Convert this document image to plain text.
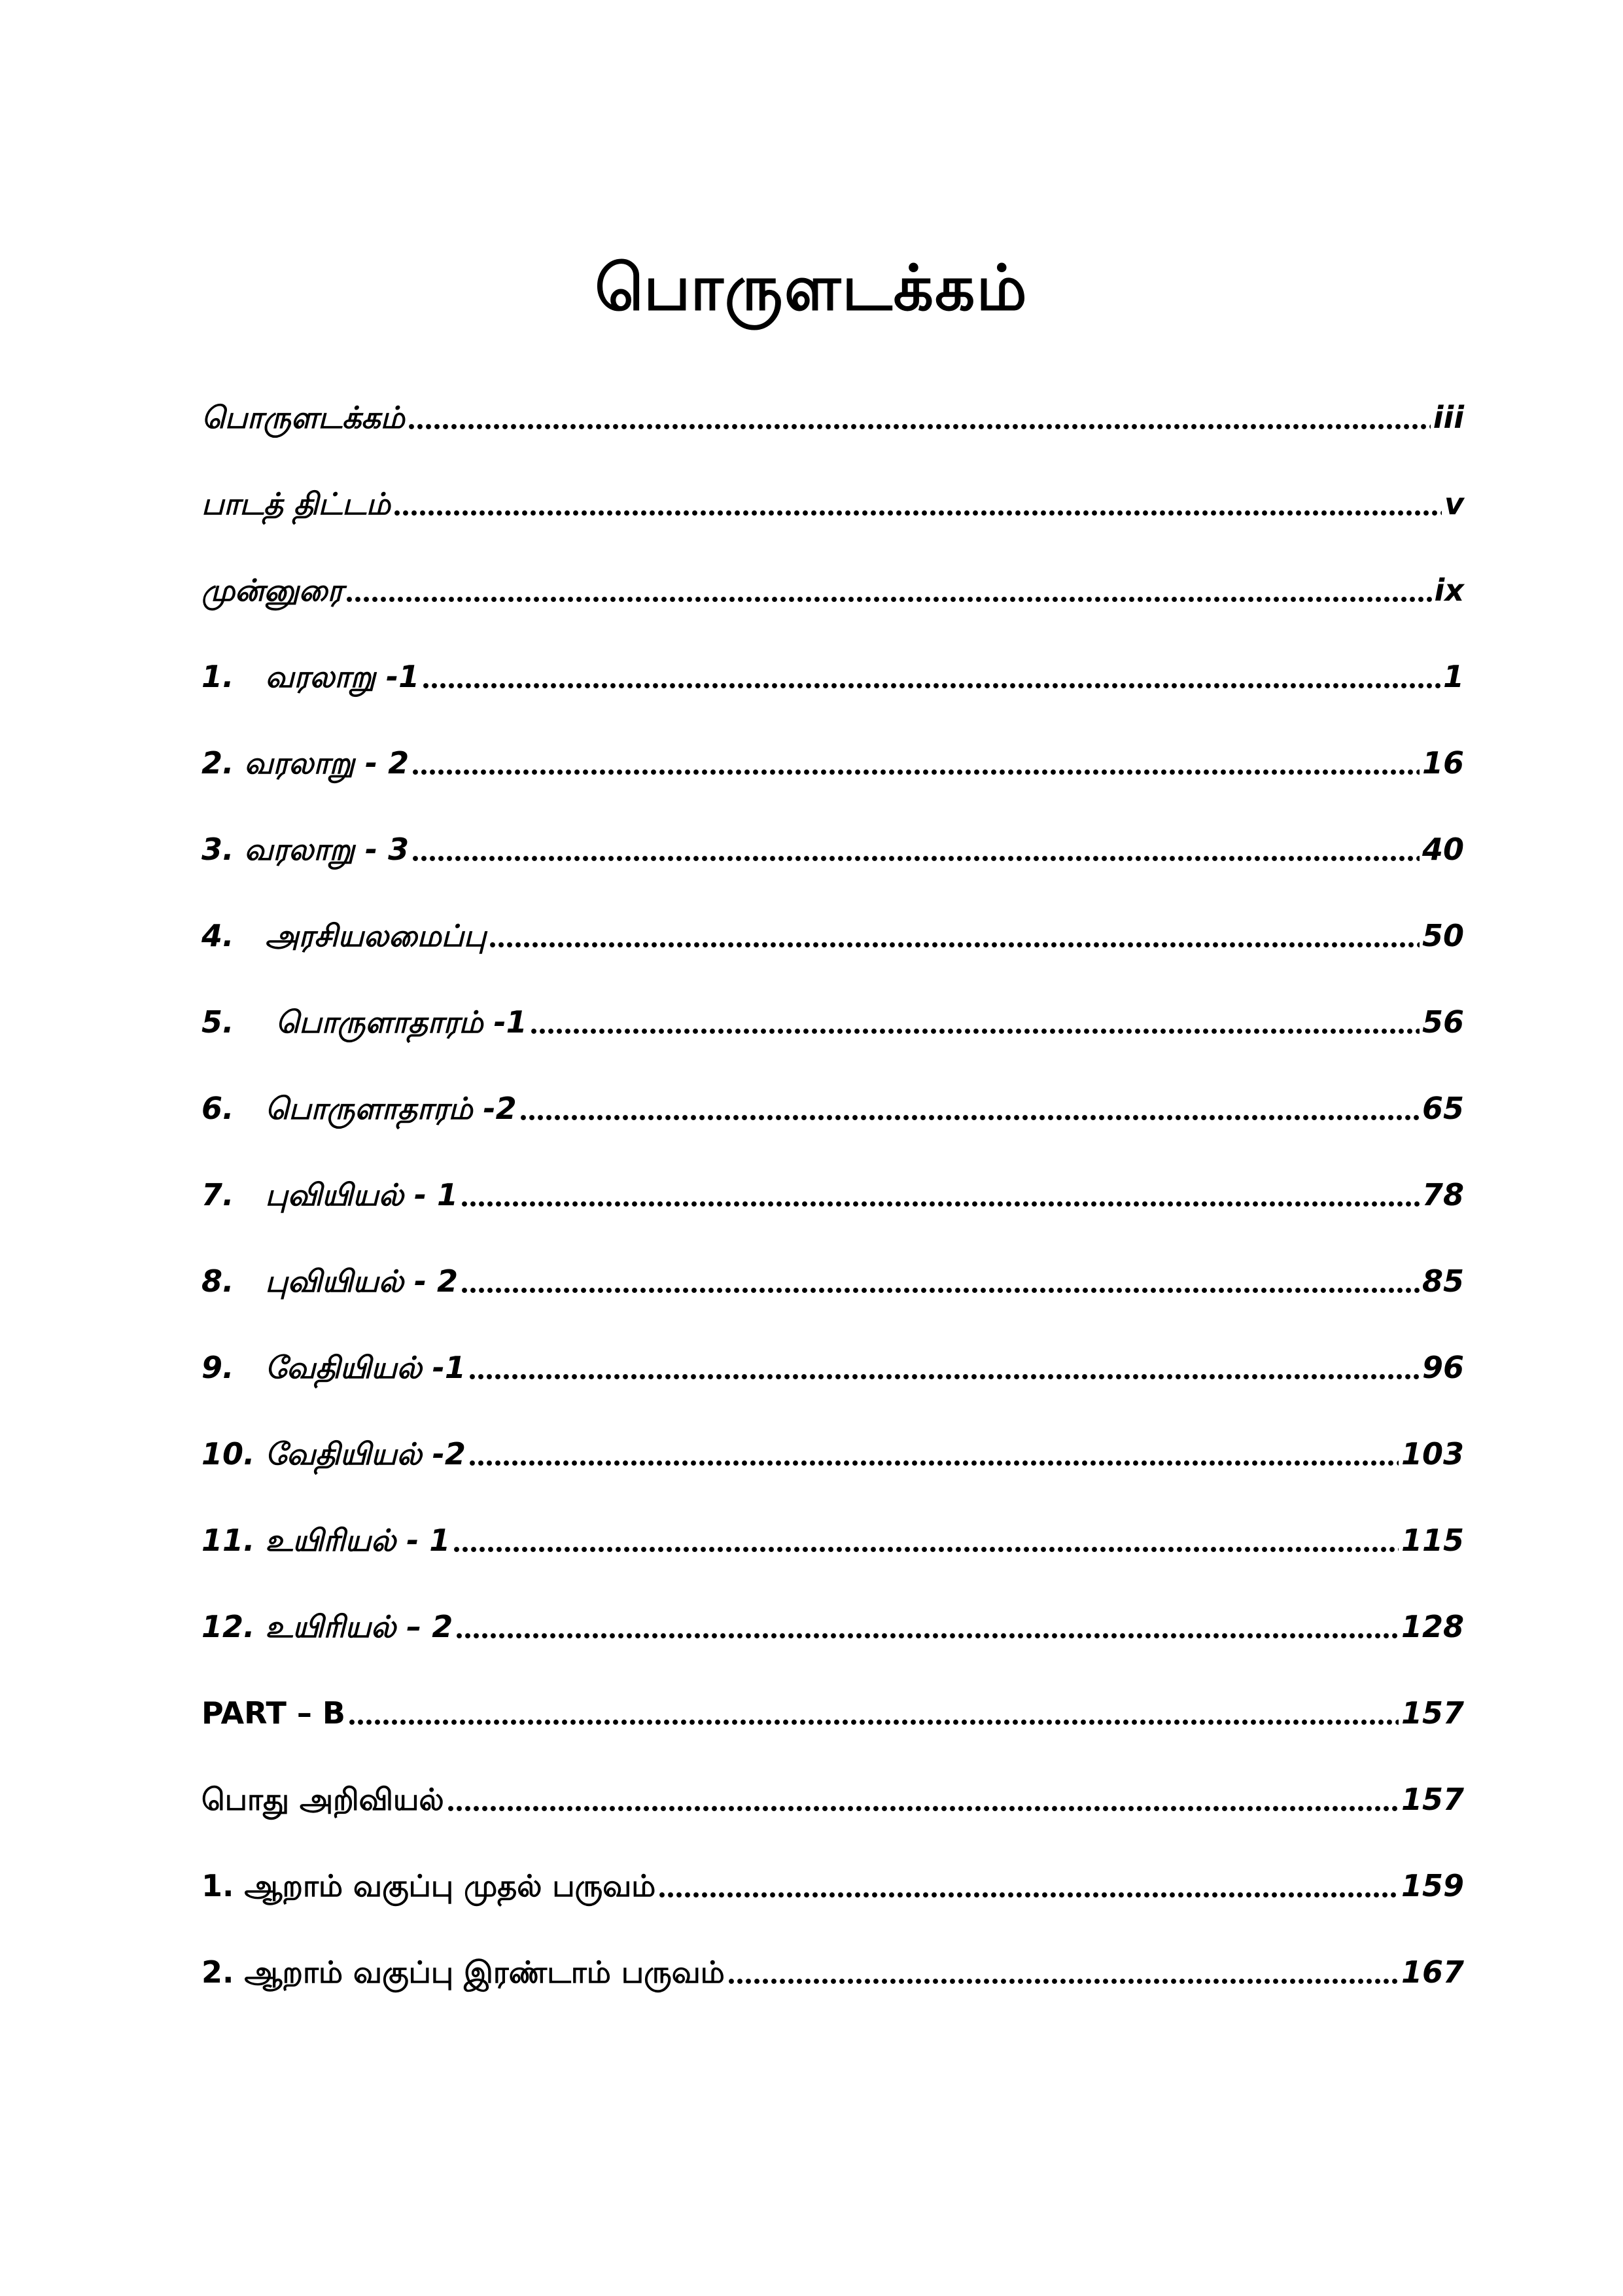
பொருளடக்கம்
பொருளடக்கம்	iii
பாடத் திட்டம்	v
முன்னுரை	ix
1.   வரலாறு -1	1
2. வரலாறு - 2	16
3. வரலாறு - 3	40
4.   அரசியலமைப்பு	50
5.    பொருளாதாரம் -1	56
6.   பொருளாதாரம் -2	65
7.   புவியியல் - 1	78
8.   புவியியல் - 2	85
9.   வேதியியல் -1	96
10. வேதியியல் -2	103
11. உயிரியல் - 1	115
12. உயிரியல் – 2	128
PART – B	157
பொது அறிவியல்	157
1. ஆறாம் வகுப்பு முதல் பருவம்	159
2. ஆறாம் வகுப்பு இரண்டாம் பருவம்	167
